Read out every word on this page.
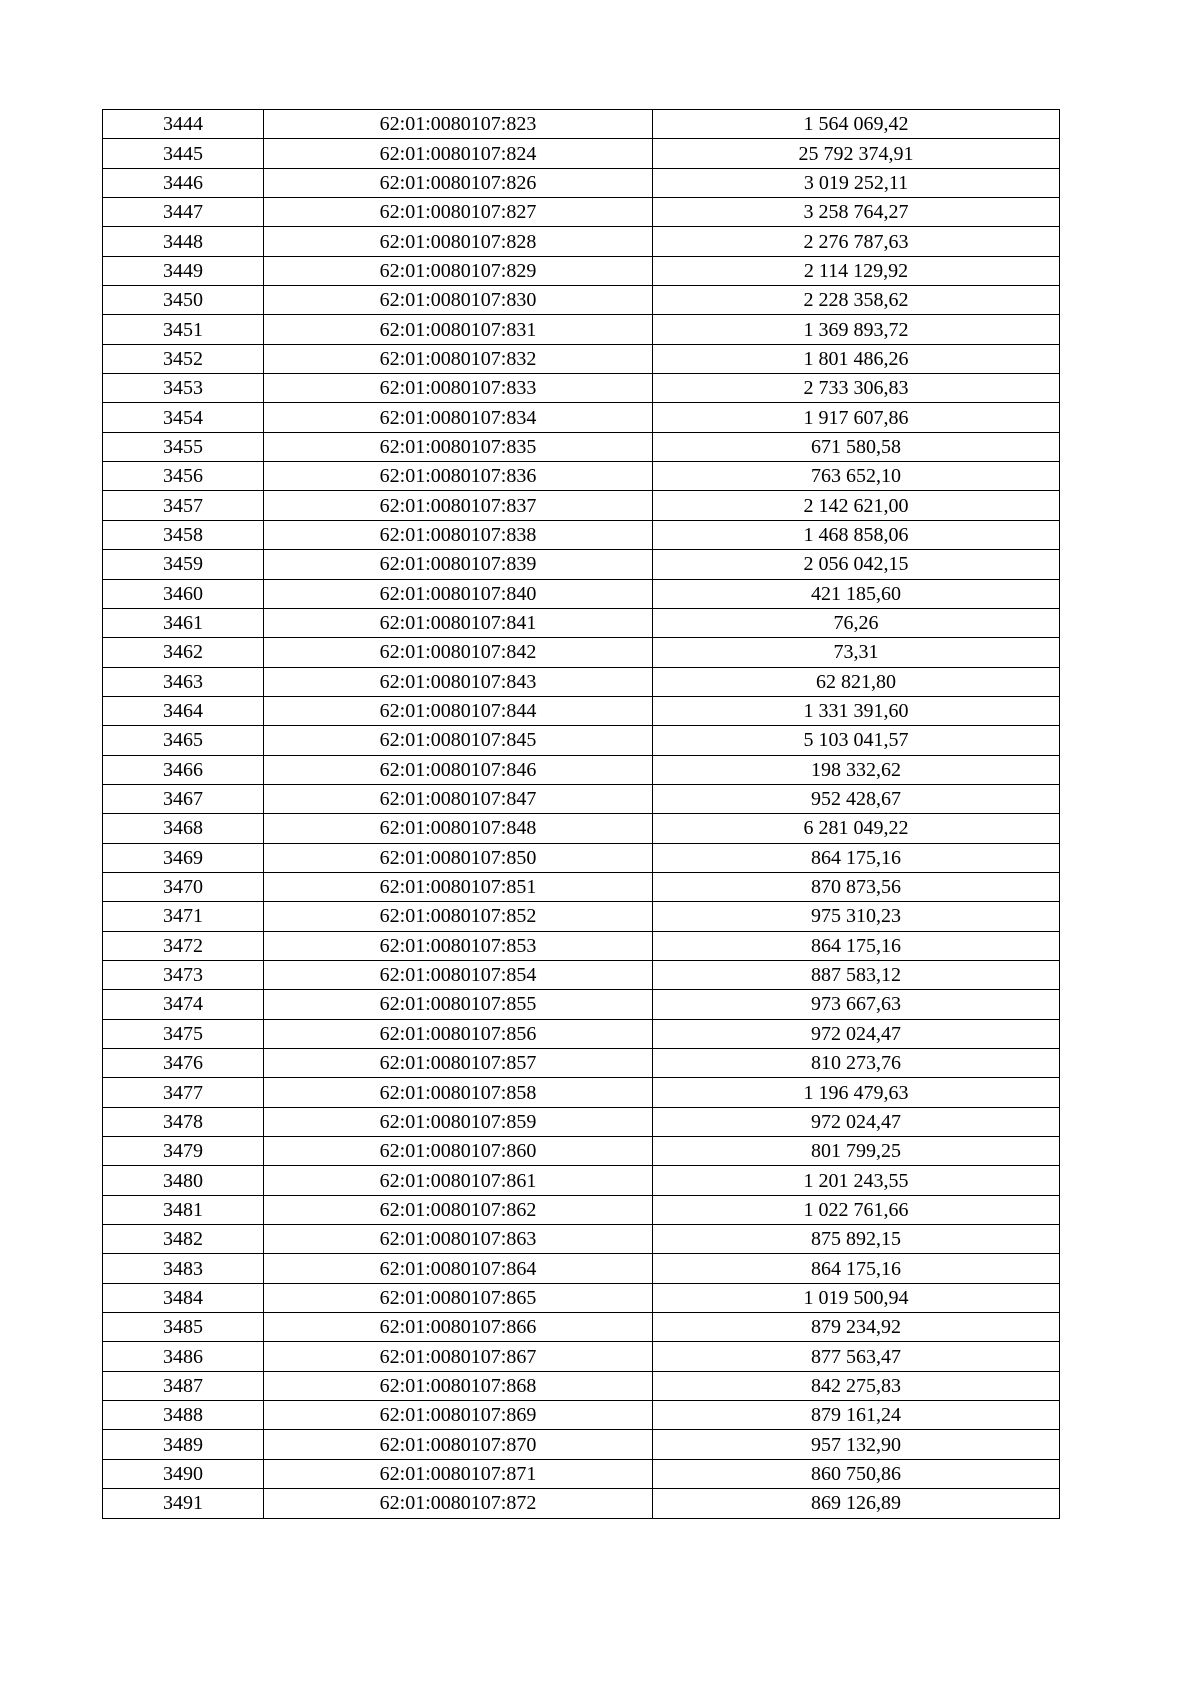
3444	62:01:0080107:823	1 564 069,42
3445	62:01:0080107:824	25 792 374,91
3446	62:01:0080107:826	3 019 252,11
3447	62:01:0080107:827	3 258 764,27
3448	62:01:0080107:828	2 276 787,63
3449	62:01:0080107:829	2 114 129,92
3450	62:01:0080107:830	2 228 358,62
3451	62:01:0080107:831	1 369 893,72
3452	62:01:0080107:832	1 801 486,26
3453	62:01:0080107:833	2 733 306,83
3454	62:01:0080107:834	1 917 607,86
3455	62:01:0080107:835	671 580,58
3456	62:01:0080107:836	763 652,10
3457	62:01:0080107:837	2 142 621,00
3458	62:01:0080107:838	1 468 858,06
3459	62:01:0080107:839	2 056 042,15
3460	62:01:0080107:840	421 185,60
3461	62:01:0080107:841	76,26
3462	62:01:0080107:842	73,31
3463	62:01:0080107:843	62 821,80
3464	62:01:0080107:844	1 331 391,60
3465	62:01:0080107:845	5 103 041,57
3466	62:01:0080107:846	198 332,62
3467	62:01:0080107:847	952 428,67
3468	62:01:0080107:848	6 281 049,22
3469	62:01:0080107:850	864 175,16
3470	62:01:0080107:851	870 873,56
3471	62:01:0080107:852	975 310,23
3472	62:01:0080107:853	864 175,16
3473	62:01:0080107:854	887 583,12
3474	62:01:0080107:855	973 667,63
3475	62:01:0080107:856	972 024,47
3476	62:01:0080107:857	810 273,76
3477	62:01:0080107:858	1 196 479,63
3478	62:01:0080107:859	972 024,47
3479	62:01:0080107:860	801 799,25
3480	62:01:0080107:861	1 201 243,55
3481	62:01:0080107:862	1 022 761,66
3482	62:01:0080107:863	875 892,15
3483	62:01:0080107:864	864 175,16
3484	62:01:0080107:865	1 019 500,94
3485	62:01:0080107:866	879 234,92
3486	62:01:0080107:867	877 563,47
3487	62:01:0080107:868	842 275,83
3488	62:01:0080107:869	879 161,24
3489	62:01:0080107:870	957 132,90
3490	62:01:0080107:871	860 750,86
3491	62:01:0080107:872	869 126,89
